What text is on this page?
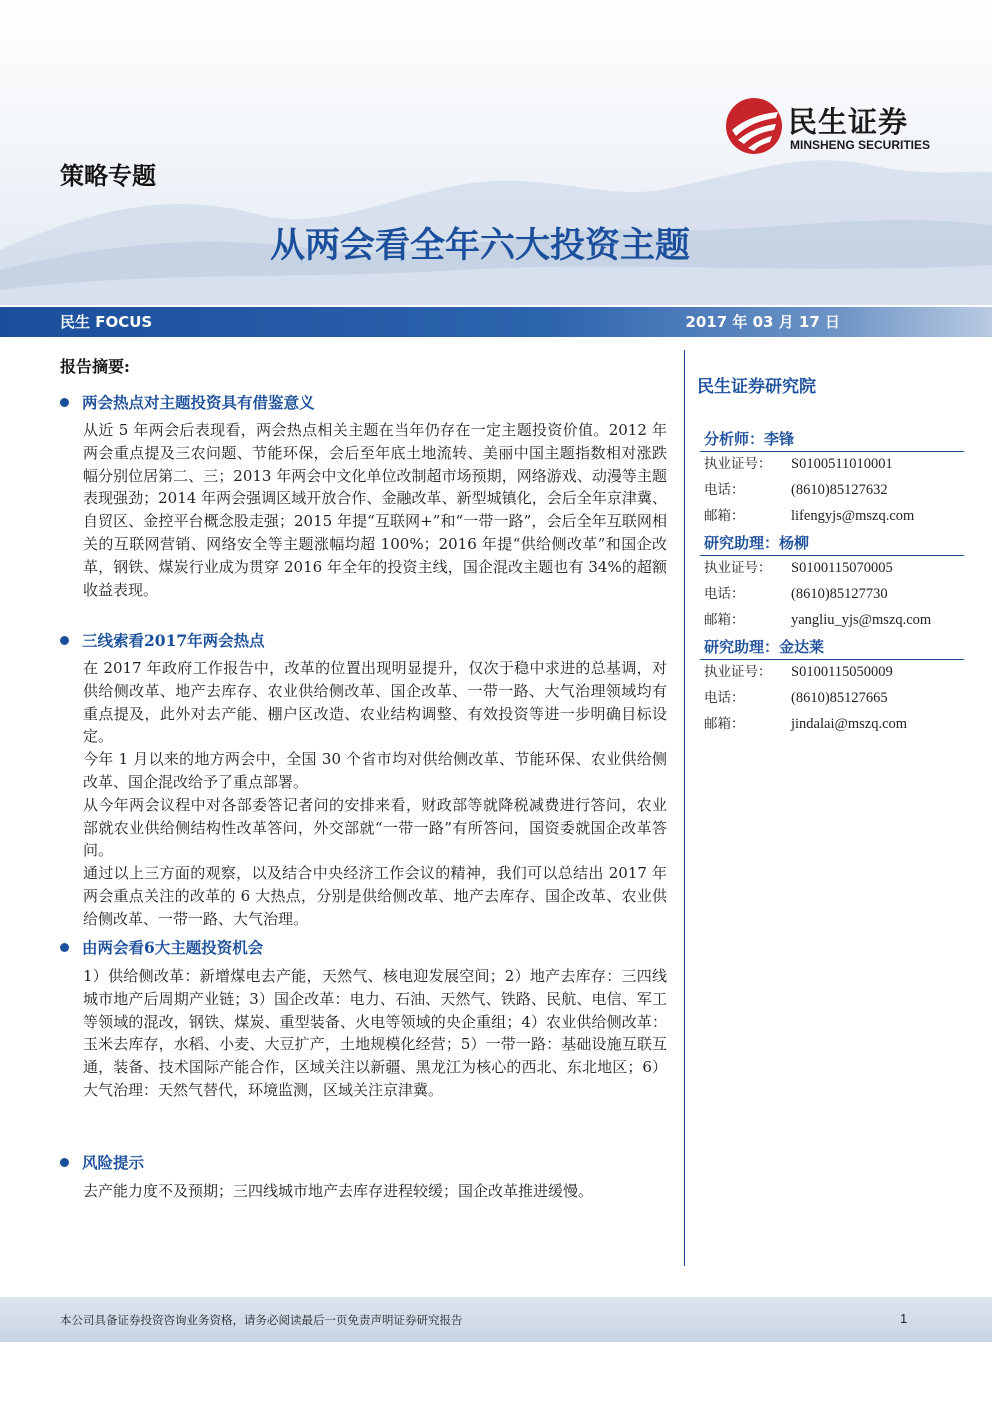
民生证券
MINSHENG SECURITIES
策略专题
从两会看全年六大投资主题
民生 FOCUS	2017 年 03 月 17 日
报告摘要:
两会热点对主题投资具有借鉴意义

从近 5 年两会后表现看，两会热点相关主题在当年仍存在一定主题投资价值。2012 年两会重点提及三农问题、节能环保，会后至年底土地流转、美丽中国主题指数相对涨跌幅分别位居第二、三；2013 年两会中文化单位改制超市场预期，网络游戏、动漫等主题表现强劲；2014 年两会强调区域开放合作、金融改革、新型城镇化，会后全年京津冀、自贸区、金控平台概念股走强；2015 年提“互联网+”和“一带一路”，会后全年互联网相关的互联网营销、网络安全等主题涨幅均超 100%；2016 年提“供给侧改革”和国企改革，钢铁、煤炭行业成为贯穿 2016 年全年的投资主线，国企混改主题也有 34%的超额收益表现。

三线索看2017年两会热点

在 2017 年政府工作报告中，改革的位置出现明显提升，仅次于稳中求进的总基调，对供给侧改革、地产去库存、农业供给侧改革、国企改革、一带一路、大气治理领域均有重点提及，此外对去产能、棚户区改造、农业结构调整、有效投资等进一步明确目标设定。

今年 1 月以来的地方两会中，全国 30 个省市均对供给侧改革、节能环保、农业供给侧改革、国企混改给予了重点部署。

从今年两会议程中对各部委答记者问的安排来看，财政部等就降税减费进行答问，农业部就农业供给侧结构性改革答问，外交部就“一带一路”有所答问，国资委就国企改革答问。

通过以上三方面的观察，以及结合中央经济工作会议的精神，我们可以总结出 2017 年两会重点关注的改革的 6 大热点，分别是供给侧改革、地产去库存、国企改革、农业供给侧改革、一带一路、大气治理。

由两会看6大主题投资机会

1）供给侧改革：新增煤电去产能，天然气、核电迎发展空间；2）地产去库存：三四线城市地产后周期产业链；3）国企改革：电力、石油、天然气、铁路、民航、电信、军工等领域的混改，钢铁、煤炭、重型装备、火电等领域的央企重组；4）农业供给侧改革：玉米去库存，水稻、小麦、大豆扩产，土地规模化经营；5）一带一路：基础设施互联互通，装备、技术国际产能合作，区域关注以新疆、黑龙江为核心的西北、东北地区；6）大气治理：天然气替代，环境监测，区域关注京津冀。

风险提示

去产能力度不及预期；三四线城市地产去库存进程较缓；国企改革推进缓慢。

民生证券研究院
分析师：李锋
执业证号： S0100511010001
电话：	(8610)85127632
邮箱：	lifengyjs@mszq.com
研究助理：杨柳
执业证号： S0100115070005
电话：	(8610)85127730
邮箱：	yangliu_yjs@mszq.com
研究助理：金达莱
执业证号： S0100115050009
电话：	(8610)85127665
邮箱：	jindalai@mszq.com
本公司具备证券投资咨询业务资格，请务必阅读最后一页免责声明证券研究报告	1
